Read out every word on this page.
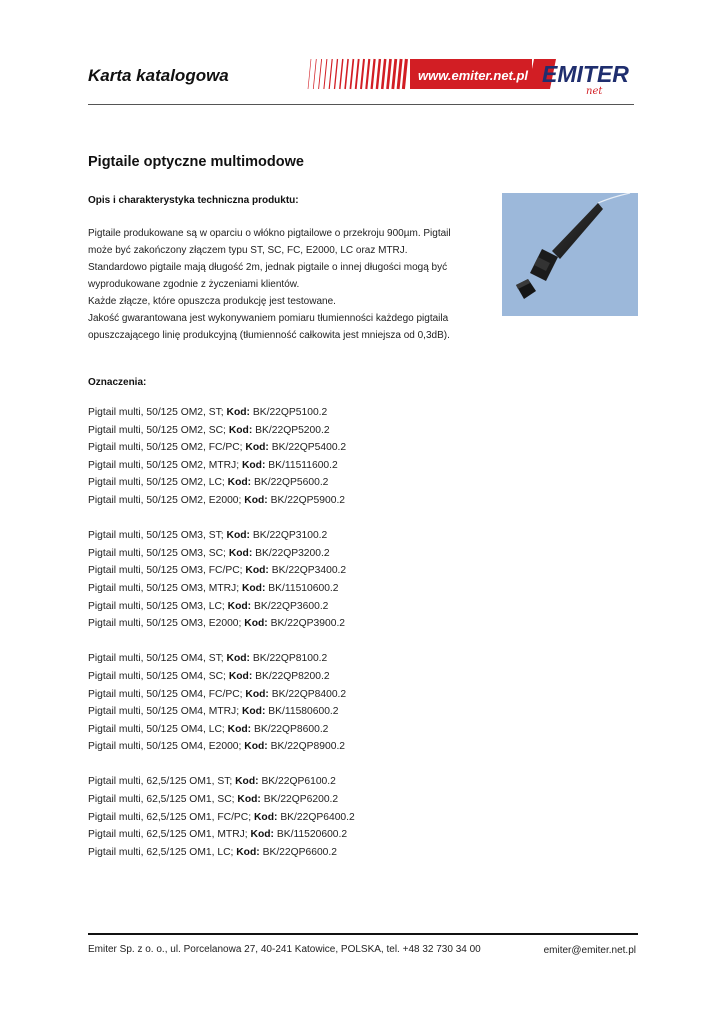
Karta katalogowa	www.emiter.net.pl EMITER
net
Pigtaile optyczne multimodowe
Opis i charakterystyka techniczna produktu:

Pigtaile produkowane są w oparciu o włókno pigtailowe o przekroju 900µm. Pigtail

może być zakończony złączem typu ST, SC, FC, E2000, LC oraz MTRJ.

Standardowo pigtaile mają długość 2m, jednak pigtaile o innej długości mogą być

wyprodukowane zgodnie z życzeniami klientów.

Każde złącze, które opuszcza produkcję jest testowane.

Jakość gwarantowana jest wykonywaniem pomiaru tłumienności każdego pigtaila

opuszczającego linię produkcyjną (tłumienność całkowita jest mniejsza od 0,3dB).

Oznaczenia:
Pigtail multi, 50/125 OM2, ST; Kod: BK/22QP5100.2
Pigtail multi, 50/125 OM2, SC; Kod: BK/22QP5200.2
Pigtail multi, 50/125 OM2, FC/PC; Kod: BK/22QP5400.2
Pigtail multi, 50/125 OM2, MTRJ; Kod: BK/11511600.2
Pigtail multi, 50/125 OM2, LC; Kod: BK/22QP5600.2
Pigtail multi, 50/125 OM2, E2000; Kod: BK/22QP5900.2
Pigtail multi, 50/125 OM3, ST; Kod: BK/22QP3100.2
Pigtail multi, 50/125 OM3, SC; Kod: BK/22QP3200.2
Pigtail multi, 50/125 OM3, FC/PC; Kod: BK/22QP3400.2
Pigtail multi, 50/125 OM3, MTRJ; Kod: BK/11510600.2
Pigtail multi, 50/125 OM3, LC; Kod: BK/22QP3600.2
Pigtail multi, 50/125 OM3, E2000; Kod: BK/22QP3900.2
Pigtail multi, 50/125 OM4, ST; Kod: BK/22QP8100.2
Pigtail multi, 50/125 OM4, SC; Kod: BK/22QP8200.2
Pigtail multi, 50/125 OM4, FC/PC; Kod: BK/22QP8400.2
Pigtail multi, 50/125 OM4, MTRJ; Kod: BK/11580600.2
Pigtail multi, 50/125 OM4, LC; Kod: BK/22QP8600.2
Pigtail multi, 50/125 OM4, E2000; Kod: BK/22QP8900.2
Pigtail multi, 62,5/125 OM1, ST; Kod: BK/22QP6100.2
Pigtail multi, 62,5/125 OM1, SC; Kod: BK/22QP6200.2
Pigtail multi, 62,5/125 OM1, FC/PC; Kod: BK/22QP6400.2
Pigtail multi, 62,5/125 OM1, MTRJ; Kod: BK/11520600.2
Pigtail multi, 62,5/125 OM1, LC; Kod: BK/22QP6600.2
Emiter Sp. z o. o., ul. Porcelanowa 27, 40-241 Katowice, POLSKA, tel. +48 32 730 34 00	emiter@emiter.net.pl
